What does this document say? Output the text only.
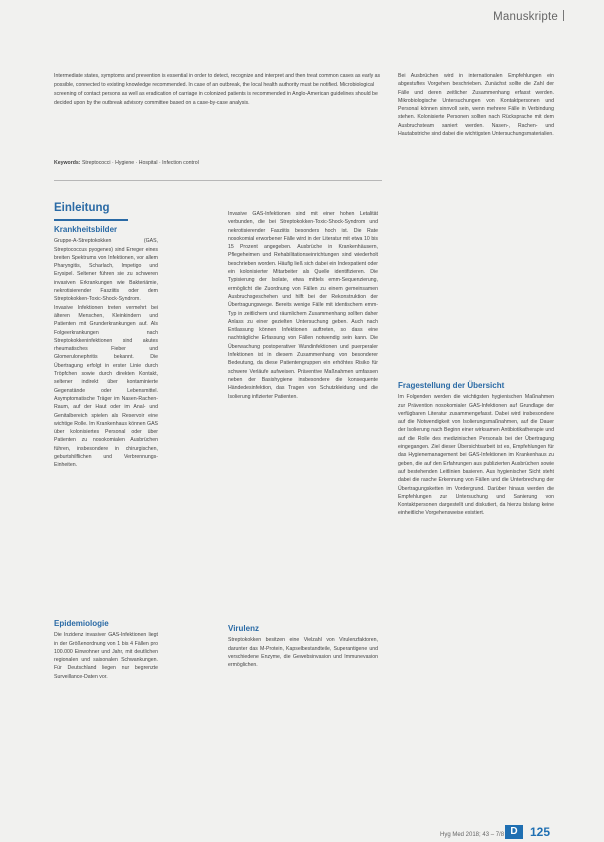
Manuskripte
Intermediate states, symptoms and prevention is essential in order to detect, recognize and interpret and then treat common cases as early as possible, connected to existing knowledge recommended. In case of an outbreak, the local health authority must be notified. Microbiological screening of contact persons as well as eradication of carriage in colonized patients is recommended in Anglo-American guidelines should be decided upon by the outbreak advisory committee based on a case-by-case analysis.
Keywords: Streptococci · Hygiene · Hospital · Infection control
Einleitung
Krankheitsbilder

Gruppe-A-Streptokokken (GAS, Streptococcus pyogenes) sind Erreger eines breiten Spektrums von Infektionen, vor allem Pharyngitis, Scharlach, Impetigo und Erysipel. Seltener führen sie zu schweren invasiven Erkrankungen wie Bakteriämie, nekrotisierender Fasziitis oder dem Streptokokken-Toxic-Shock-Syndrom. Invasive Infektionen treten vermehrt bei älteren Menschen, Kleinkindern und Patienten mit Grunderkrankungen auf. Als Folgeerkrankungen nach Streptokokkeninfektionen sind akutes rheumatisches Fieber und Glomerulonephritis bekannt. Die Übertragung erfolgt in erster Linie durch Tröpfchen sowie durch direkten Kontakt, seltener indirekt über kontaminierte Gegenstände oder Lebensmittel. Asymptomatische Träger im Nasen-Rachen-Raum, auf der Haut oder im Anal- und Genitalbereich spielen als Reservoir eine wichtige Rolle. Im Krankenhaus können GAS über kolonisiertes Personal oder über Patienten zu nosokomialen Ausbrüchen führen, insbesondere in chirurgischen, geburtshilflichen und Verbrennungs-Einheiten.

Epidemiologie

Die Inzidenz invasiver GAS-Infektionen liegt in der Größenordnung von 1 bis 4 Fällen pro 100.000 Einwohner und Jahr, mit deutlichen regionalen und saisonalen Schwankungen. Für Deutschland liegen nur begrenzte Surveillance-Daten vor.

Invasive GAS-Infektionen sind mit einer hohen Letalität verbunden, die bei Streptokokken-Toxic-Shock-Syndrom und nekrotisierender Fasziitis besonders hoch ist. Die Rate nosokomial erworbener Fälle wird in der Literatur mit etwa 10 bis 15 Prozent angegeben. Ausbrüche in Krankenhäusern, Pflegeheimen und Rehabilitationseinrichtungen sind wiederholt beschrieben worden. Häufig ließ sich dabei ein Indexpatient oder ein kolonisierter Mitarbeiter als Quelle identifizieren. Die Typisierung der Isolate, etwa mittels emm-Sequenzierung, ermöglicht die Zuordnung von Fällen zu einem gemeinsamen Ausbruchsgeschehen und hilft bei der Rekonstruktion der Übertragungswege. Bereits wenige Fälle mit identischem emm-Typ in zeitlichem und räumlichem Zusammenhang sollten daher Anlass zu einer gezielten Untersuchung geben. Auch nach Entlassung können Infektionen auftreten, so dass eine nachträgliche Erfassung von Fällen notwendig sein kann. Die Überwachung postoperativer Wundinfektionen und puerperaler Infektionen ist in diesem Zusammenhang von besonderer Bedeutung, da diese Patientengruppen ein erhöhtes Risiko für schwere Verläufe aufweisen. Präventive Maßnahmen umfassen neben der Basishygiene insbesondere die konsequente Händedesinfektion, das Tragen von Schutzkleidung und die Isolierung infizierter Patienten.

Virulenz

Streptokokken besitzen eine Vielzahl von Virulenzfaktoren, darunter das M-Protein, Kapselbestandteile, Superantigene und verschiedene Enzyme, die Gewebsinvasion und Immunevasion ermöglichen.

Bei Ausbrüchen wird in internationalen Empfehlungen ein abgestuftes Vorgehen beschrieben. Zunächst sollte die Zahl der Fälle und deren zeitlicher Zusammenhang erfasst werden. Mikrobiologische Untersuchungen von Kontaktpersonen und Personal können sinnvoll sein, wenn mehrere Fälle in Verbindung stehen. Kolonisierte Personen sollten nach Rücksprache mit dem Ausbruchsteam saniert werden. Nasen-, Rachen- und Hautabstriche sind dabei die wichtigsten Untersuchungsmaterialien.

Fragestellung der Übersicht

Im Folgenden werden die wichtigsten hygienischen Maßnahmen zur Prävention nosokomialer GAS-Infektionen auf Grundlage der verfügbaren Literatur zusammengefasst. Dabei wird insbesondere auf die Notwendigkeit von Isolierungsmaßnahmen, auf die Dauer der Isolierung nach Beginn einer wirksamen Antibiotikatherapie und auf die Rolle des medizinischen Personals bei der Übertragung eingegangen. Ziel dieser Übersichtsarbeit ist es, Empfehlungen für das Hygienemanagement bei GAS-Infektionen im Krankenhaus zu geben, die auf den Erfahrungen aus publizierten Ausbrüchen sowie auf bestehenden Leitlinien basieren. Aus hygienischer Sicht steht dabei die rasche Erkennung von Fällen und die Unterbrechung der Übertragungsketten im Vordergrund. Darüber hinaus werden die Empfehlungen zur Untersuchung und Sanierung von Kontaktpersonen dargestellt und diskutiert, da hierzu bislang keine einheitliche Vorgehensweise existiert.

Hyg Med 2018; 43 – 7/8 D	125
